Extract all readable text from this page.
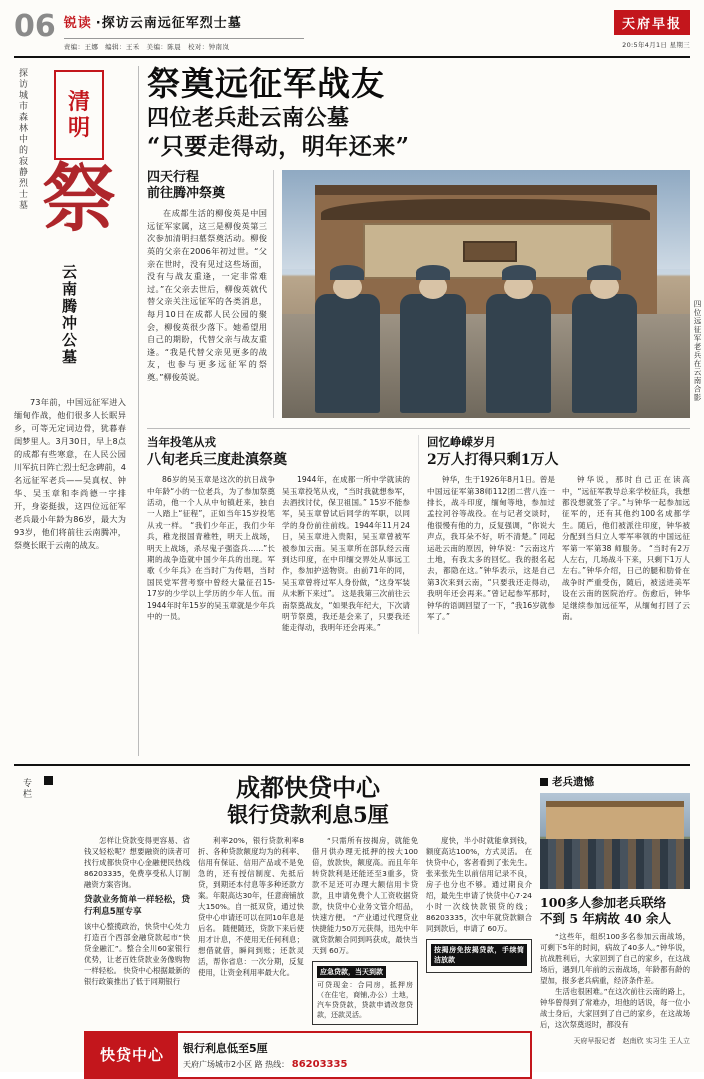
06 锐读 ·探访云南远征军烈士墓
责编：王娜　编辑：王禾　美编：陈晨　校对：钟南岚
天府早报
20:5年4月1日 星期三
探访城市森林中的寂静烈士墓 清
明
祭
云南腾冲公墓
73年前，中国远征军进入缅甸作战，他们很多人长眠异乡，可等无定词边骨，犹暮春闺梦里人。3月30日，早上8点的成都有些寒意，在人民公园川军抗日阵亡烈士纪念碑前，4名远征军老兵——吴真权、钟华、吴玉章和李尚德一字排开，身姿挺拔，这四位远征军老兵最小年龄为86岁，最大为93岁，他们将前往云南腾冲，祭奠长眠于云南的战友。
祭奠远征军战友
四位老兵赴云南公墓
“只要走得动，明年还来”
四天行程
前往腾冲祭奠
在成都生活的柳俊英是中国远征军家属，这三是柳俊英第三次参加清明扫墓祭奠活动。柳俊英的父亲在2006年初过世。“父亲在世时，没有见过这些场面，没有与战友重逢，一定非常难过。”在父亲去世后，柳俊英就代替父亲关注远征军的各类消息，每月10日在成都人民公园的聚会，柳俊英很少落下。她希望用自己的期盼，代替父亲与战友重逢。“我是代替父亲见更多的战友，也参与更多远征军的祭奠。”柳俊英说。	四位远征军老兵在云南合影
当年投笔从戎
八旬老兵三度赴滇祭奠
86岁的吴玉章是这次的抗日战争中年龄“小的一位老兵，为了参加祭奠活动，他一个人从中旬镇赶来，独自一人踏上“征程”，正如当年15岁投笔从戎一样。 “我们少年正，我们少年兵，稚龙报国青稚牲，明天上战场，明天上战场，杀尽鬼子强盗兵……”长期的战争造就中国少年兵的出现。军歌《少年兵》在当时广为传唱，当时国民党军营考察中曾经大量征召15-17岁的少学以上学历的少年人伍。而1944年时年15岁的吴玉章就是少年兵中的一员。
1944年，在成都一所中学就读的吴玉章投笔从戎，“当时我就想参军，去酒找讨仗，保卫祖国。” 15岁不能参军，吴玉章曾试后同学的军职，以同学的身份前往前线。1944年11月24日，吴玉章进入贵阳，吴玉章曾被军被参加云南。吴玉章所在部队经云南到达印度，在中印缅交界处从事远工作，参加护送物资。由前71年的同，吴玉章曾将过军人身份做，“这身军装从未断下来过”。 这是我第三次前往云南祭奠战友，“如果我年纪大，下次请明节祭奠，我还是会来了，只要我还能走得动，我明年还会再来。”
回忆峥嵘岁月
2万人打得只剩1万人
钟华，生于1926年8月1日。曾是中国远征军第38师112团二营八连一排长，战斗印度，缅甸等地，参加过孟拉河谷等战役。在与记者交谈时，他很慢有他的力，反复强调，“你说大声点，我耳朵不好，听不清楚。” 同起运赴云南的原因，钟华说：“云南这片土地，有我太多的回忆。我的报名起去，都隐在这。”钟华表示，这是自己第3次来到云南，“只要我还走得动，我明年还会再来。”曾记起参军那时，钟华的语调回望了一下，“我16岁就参军了。”
钟华说，那时自己正在读高中，“远征军教导总来学校征兵，我想都没想就签了字。”与钟华一起参加远征军的，还有其他约100名成都学生。随后，他们被派往印度，钟华被分配到当归立人零军率领的中国远征军第一军第38 师服务。 “当时有2万人左右，几场战斗下来，只剩下1万人左右。”钟华介绍，日己的腿和肋骨在战争时严重受伤，随后，被送进美军设在云南的医院治疗。伤愈后，钟华足继续参加远征军，从缅甸打回了云南。
专栏	成都快贷中心
银行贷款利息5厘
怎样让贷款变得更容易、省钱又轻松呢？想要融资的读者可找行成都快贷中心金融便民热线86203335，免费享受私人订制融资方案咨询。
贷款业务简单一样轻松，贷行利息5厘专享
该中心整揽政治，快贷中心处力打造百个西部金融贷款起市“快贷金融汇”。整合全川60家银行优势，让老百姓贷款业务像购物一样轻松。 快贷中心根据最新的银行政策推出了低于同期银行
利率20%，银行贷款利率8折、各种贷款额度均为的利率、信用有保证、信用产品或不是免急的，还有授信制度、先抵后贷，到期还本付息等多种还款方案。年限高达30年，任意商铺放大150%。自一抵双贷，通过快贷中心申请还可以在同10年息是后名。 随便随还，贷款下来后使用才计息，不使用无任何利息；想借就借，瞬间到账；还款灵活，帮你省息：一次分期，反复使用，让资金利用率最大化。
“只需所有按揭房，就能免借月供办理无抵押的按大100倍，放款快，额度高。而且年年转贷款利是还能还至3重多，贷款不足还可办理大额信用卡贷款，且申请免费个人工资收据贷款，快货中心业务文管介绍品，快速方便。 “产业通过代理贷业快捷能力50万元获得，迅先中年就贷款额合同到吗获成，最快当天到 60万。
应急贷款，当天到款
可贷现金：合同房，抵押房（在住宅，商铺,办公）土地，汽车贷贷款，贷款申请改您贷款，还款灵活。
度快，半小时就能拿到钱，额度高达100%，方式灵活。 在快贷中心，客者看到了张先生。张来张先生以前信用记录不良，房子也分也不够。通过期良介绍，最先生申请了快货中心7·24小时一次线快款银贷的线；86203335，次中年就贷款额合同到款后，申请了 60万。
按揭房免按揭贷款，手续简洁放款
快贷中心 银行利息低至5厘
天府广场城市2小区 路 热线： 86203335
老兵遗憾
100多人参加老兵联络
不到 5 年病故 40 余人
“这些年，组织100多名参加云南战场，可剩下5年的时间，病故了40多人。”钟华说，抗战胜利后，大家回到了自己的家乡，在这战场后，遇到几年前的云南战场，年龄都有龄的望加，报多老兵病重，经济条件差。
生活也很困难。”在这次前往云南的路上，钟华曾得到了常难办，坦他的话说，每一位小战士身后，大家回到了自己的家乡，在这战场后，这次祭奠返时，都没有
天府早报记者　赵南欣 实习生 王人立
